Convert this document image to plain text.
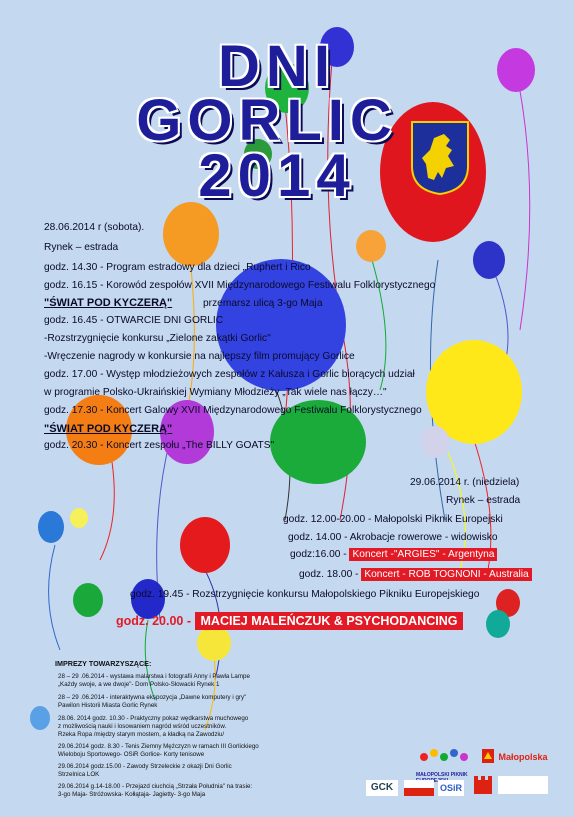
DNI
GORLIC
2014
28.06.2014 r (sobota).
Rynek – estrada
godz. 14.30 - Program estradowy dla dzieci „Ruphert i Rico
godz. 16.15 - Korowód zespołów XVII Międzynarodowego Festiwalu Folklorystycznego
"ŚWIAT POD KYCZERĄ"	przemarsz ulicą 3-go Maja
godz. 16.45 - OTWARCIE DNI GORLIC
-Rozstrzygnięcie konkursu „Zielone zakątki Gorlic"
-Wręczenie nagrody w konkursie na najlepszy film promujący Gorlice
godz. 17.00 - Występ młodzieżowych zespołów z Kałusza i Gorlic biorących udział
w programie Polsko-Ukraińskiej Wymiany Młodzieży „Tak wiele nas łączy…"
godz. 17.30 - Koncert Galowy XVII Międzynarodowego Festiwalu Folklorystycznego
"ŚWIAT POD KYCZERĄ"
godz. 20.30 - Koncert zespołu „The BILLY GOATS"
29.06.2014 r. (niedziela)
Rynek – estrada
godz. 12.00-20.00 - Małopolski Piknik Europejski
godz. 14.00 - Akrobacje rowerowe - widowisko
godz:16.00 - Koncert -"ARGIES" - Argentyna
godz. 18.00 - Koncert - ROB TOGNONI - Australia
godz. 19.45 - Rozstrzygnięcie konkursu Małopolskiego Pikniku Europejskiego
godz. 20.00 - MACIEJ MALEŃCZUK & PSYCHODANCING
IMPREZY TOWARZYSZĄCE:
28 – 29 .06.2014 - wystawa malarstwa i fotografii Anny i Pawła Lampe
„Każdy swoje, a we dwoje"- Dom Polsko-Słowacki Rynek 1
28 – 29 .06.2014 - interaktywna ekspozycja „Dawne komputery i gry"
Pawilon Historii Miasta Gorlic Rynek
28.06. 2014 godz. 10.30 - Praktyczny pokaz wędkarstwa muchowego
z możliwością nauki i losowaniem nagród wśród uczestników.
Rzeka Ropa /między starym mostem, a kładką na Zawodziu/
29.06.2014 godz. 8.30 - Tenis Ziemny Mężczyzn w ramach III Gorlickiego
Wieloboju Sportowego- OSiR Gorlice- Korty tenisowe
29.06.2014 godz.15.00 - Zawody Strzeleckie z okazji Dni Gorlic
Strzelnica LOK
29.06.2014 g.14-18.00 - Przejazd ciuchcią „Strzała Południa" na trasie:
3-go Maja- Stróżowska- Kołłątaja- Jagietty- 3-go Maja
MAŁOPOLSKI PIKNIK
Małopolska
GCK	OSiR
